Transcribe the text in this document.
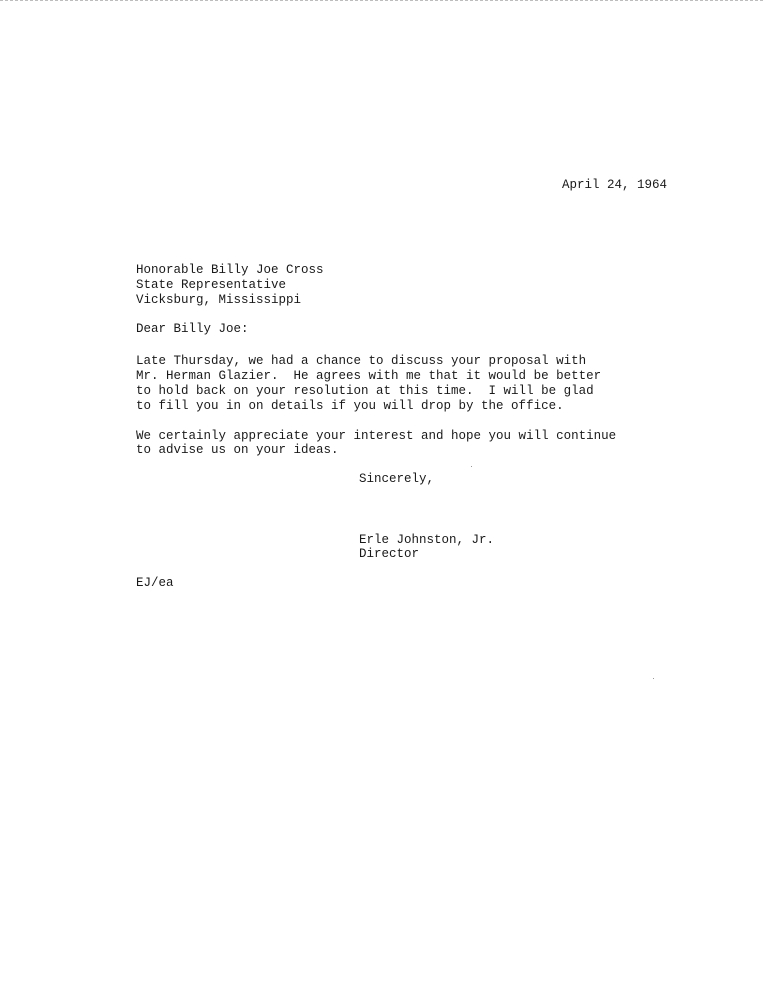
April 24, 1964

Honorable Billy Joe Cross

State Representative

Vicksburg, Mississippi

Dear Billy Joe:

Late Thursday, we had a chance to discuss your proposal with

Mr. Herman Glazier.  He agrees with me that it would be better

to hold back on your resolution at this time.  I will be glad

to fill you in on details if you will drop by the office.

We certainly appreciate your interest and hope you will continue

to advise us on your ideas.

Sincerely,

Erle Johnston, Jr.

Director

EJ/ea
